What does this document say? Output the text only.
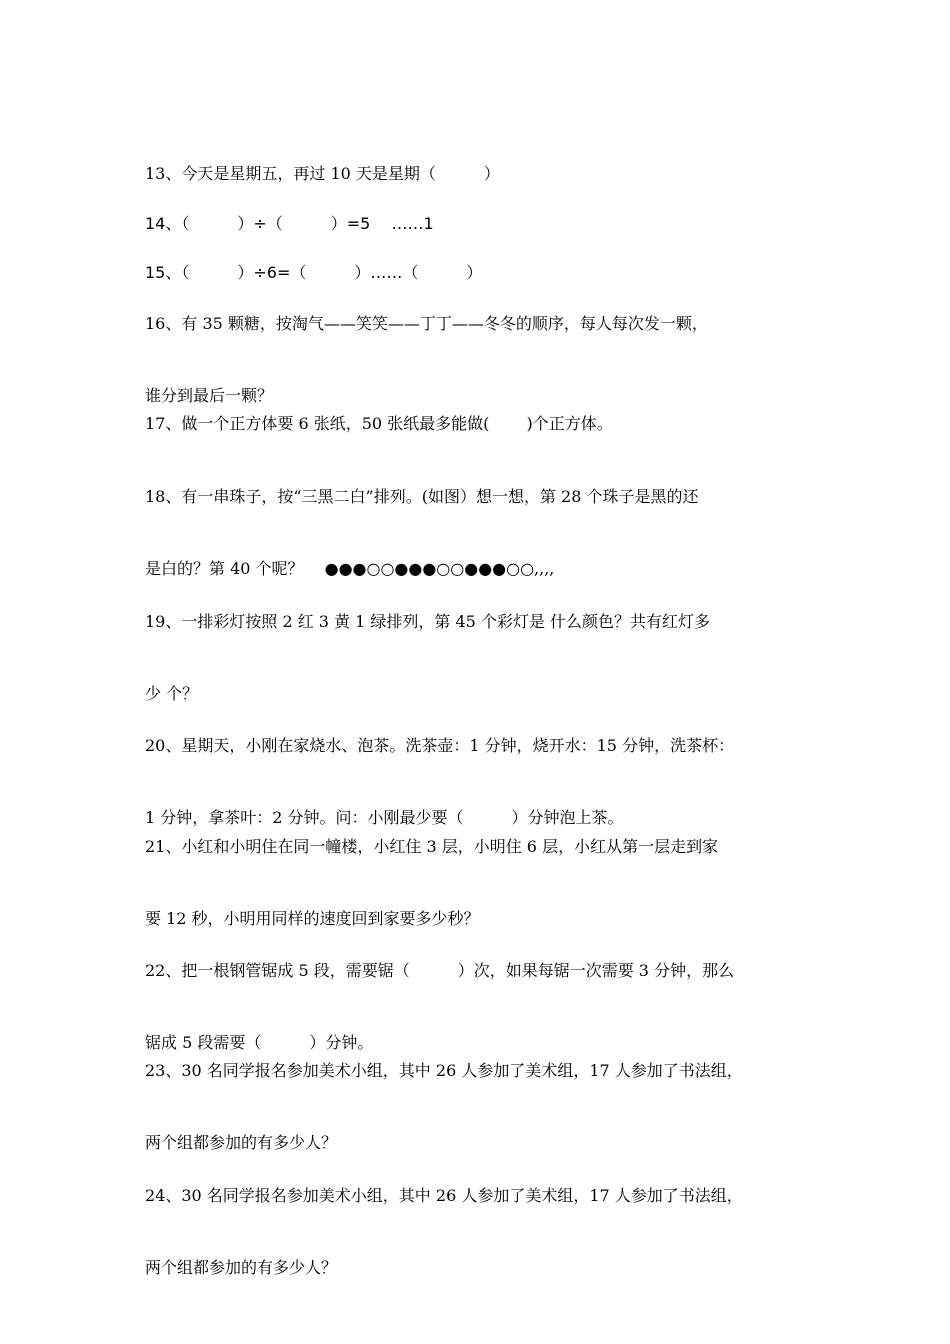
13、今天是星期五，再过 10 天是星期（　　　）

14、（　　　）÷（　　　）=5　 ……1

15、（　　　）÷6=（　　　）……（　　　）

16、有 35 颗糖，按淘气——笑笑——丁丁——冬冬的顺序，每人每次发一颗，

谁分到最后一颗？

17、做一个正方体要 6 张纸，50 张纸最多能做(　　 )个正方体。

18、有一串珠子，按“三黑二白”排列。(如图）想一想，第 28 个珠子是黑的还

是白的？第 40 个呢？　 ●●●○○●●●○○●●●○○,,,,

19、一排彩灯按照 2 红 3 黄 1 绿排列，第 45 个彩灯是 什么颜色？共有红灯多

少 个？

20、星期天，小刚在家烧水、泡茶。洗茶壶：1 分钟，烧开水：15 分钟，洗茶杯：

1 分钟，拿茶叶：2 分钟。问：小刚最少要（　　　）分钟泡上茶。

21、小红和小明住在同一幢楼，小红住 3 层，小明住 6 层，小红从第一层走到家

要 12 秒，小明用同样的速度回到家要多少秒？

22、把一根钢管锯成 5 段，需要锯（　　　）次，如果每锯一次需要 3 分钟，那么

锯成 5 段需要（　　　）分钟。

23、30 名同学报名参加美术小组，其中 26 人参加了美术组，17 人参加了书法组，

两个组都参加的有多少人？

24、30 名同学报名参加美术小组，其中 26 人参加了美术组，17 人参加了书法组，

两个组都参加的有多少人？
